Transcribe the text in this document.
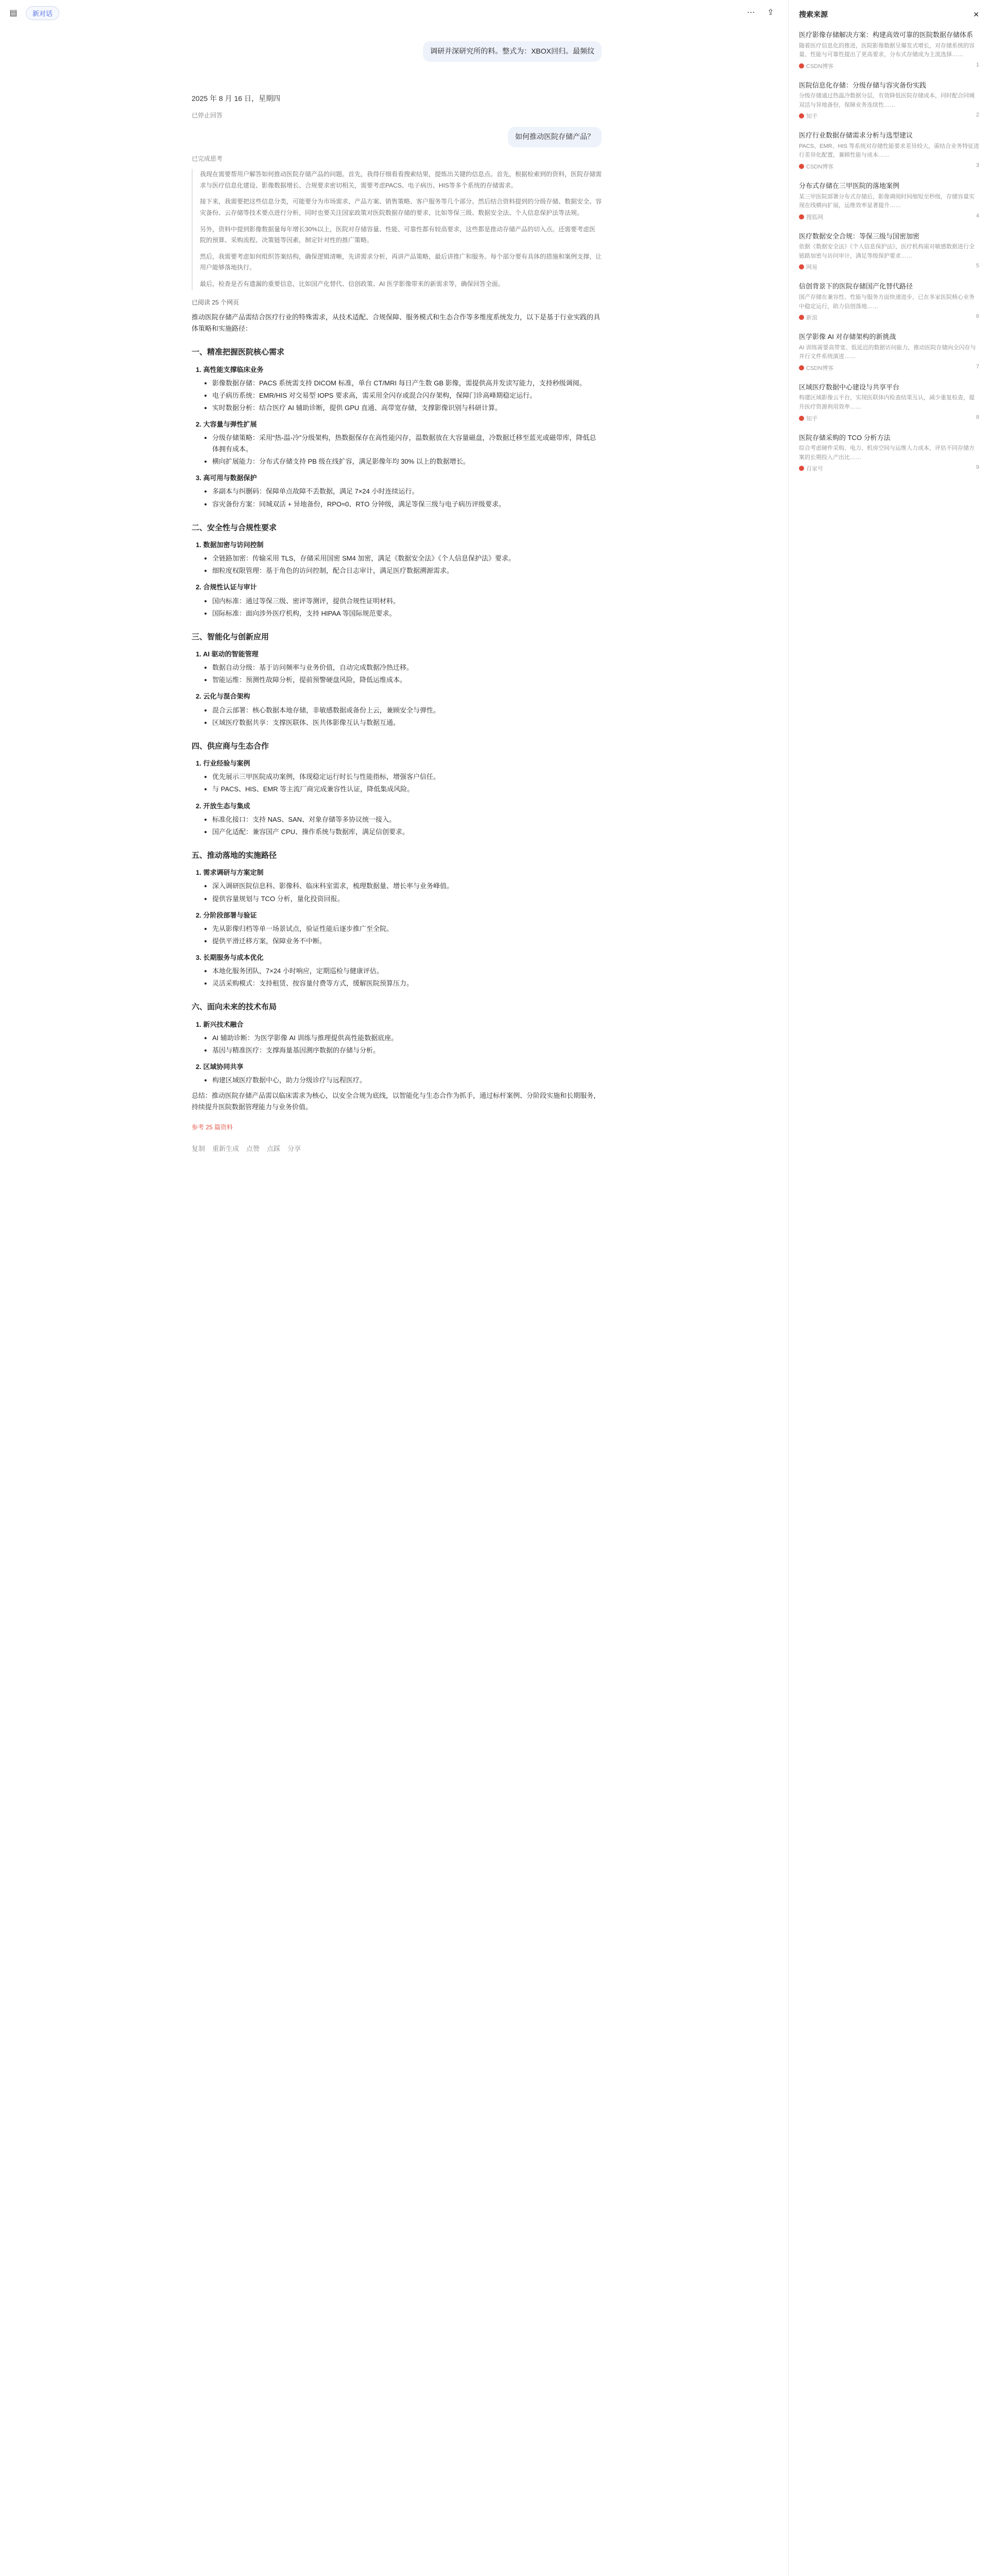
▤	新对话	⋯	⇪
调研并深研究所的料。整式为：XBOX回归。最频纹
2025 年 8 月 16 日，星期四
已停止回答
如何推动医院存储产品？
已完成思考

我现在需要帮用户解答如何推动医院存储产品的问题。首先，我得仔细看看搜索结果，提炼出关键的信息点。首先，根据检索到的资料，医院存储需求与医疗信息化建设、影像数据增长、合规要求密切相关，需要考虑PACS、电子病历、HIS等多个系统的存储需求。

接下来，我需要把这些信息分类，可能要分为市场需求、产品方案、销售策略、客户服务等几个部分。然后结合资料提到的分级存储、数据安全、容灾备份、云存储等技术要点进行分析，同时也要关注国家政策对医院数据存储的要求，比如等保三级、数据安全法、个人信息保护法等法规。

另外，资料中提到影像数据量每年增长30%以上，医院对存储容量、性能、可靠性都有较高要求，这些都是推动存储产品的切入点。还需要考虑医院的预算、采购流程、决策链等因素，制定针对性的推广策略。

然后，我需要考虑如何组织答案结构，确保逻辑清晰，先讲需求分析，再讲产品策略，最后讲推广和服务。每个部分要有具体的措施和案例支撑，让用户能够落地执行。

最后，检查是否有遗漏的重要信息，比如国产化替代、信创政策、AI 医学影像带来的新需求等，确保回答全面。

已阅读 25 个网页

推动医院存储产品需结合医疗行业的特殊需求，从技术适配、合规保障、服务模式和生态合作等多维度系统发力，以下是基于行业实践的具体策略和实施路径：

一、精准把握医院核心需求
1. 高性能支撑临床业务
• 影像数据存储：PACS 系统需支持 DICOM 标准，单台 CT/MRI 每日产生数 GB 影像，需提供高并发读写能力，支持秒级调阅。
• 电子病历系统：EMR/HIS 对交易型 IOPS 要求高，需采用全闪存或混合闪存架构，保障门诊高峰期稳定运行。
• 实时数据分析：结合医疗 AI 辅助诊断，提供 GPU 直通、高带宽存储，支撑影像识别与科研计算。
2. 大容量与弹性扩展
• 分级存储策略：采用“热-温-冷”分级架构，热数据保存在高性能闪存，温数据放在大容量磁盘，冷数据迁移至蓝光或磁带库，降低总体拥有成本。
• 横向扩展能力：分布式存储支持 PB 级在线扩容，满足影像年均 30% 以上的数据增长。
3. 高可用与数据保护
• 多副本与纠删码：保障单点故障不丢数据，满足 7×24 小时连续运行。
• 容灾备份方案：同城双活 + 异地备份，RPO≈0、RTO 分钟级，满足等保三级与电子病历评级要求。
二、安全性与合规性要求
1. 数据加密与访问控制
• 全链路加密：传输采用 TLS，存储采用国密 SM4 加密，满足《数据安全法》《个人信息保护法》要求。
• 细粒度权限管理：基于角色的访问控制，配合日志审计，满足医疗数据溯源需求。
2. 合规性认证与审计
• 国内标准：通过等保三级、密评等测评，提供合规性证明材料。
• 国际标准：面向涉外医疗机构，支持 HIPAA 等国际规范要求。
三、智能化与创新应用
1. AI 驱动的智能管理
• 数据自动分级：基于访问频率与业务价值，自动完成数据冷热迁移。
• 智能运维：预测性故障分析，提前预警硬盘风险，降低运维成本。
2. 云化与混合架构
• 混合云部署：核心数据本地存储，非敏感数据或备份上云，兼顾安全与弹性。
• 区域医疗数据共享：支撑医联体、医共体影像互认与数据互通。
四、供应商与生态合作
1. 行业经验与案例
• 优先展示三甲医院成功案例，体现稳定运行时长与性能指标，增强客户信任。
• 与 PACS、HIS、EMR 等主流厂商完成兼容性认证，降低集成风险。
2. 开放生态与集成
• 标准化接口：支持 NAS、SAN、对象存储等多协议统一接入。
• 国产化适配：兼容国产 CPU、操作系统与数据库，满足信创要求。
五、推动落地的实施路径
1. 需求调研与方案定制
• 深入调研医院信息科、影像科、临床科室需求，梳理数据量、增长率与业务峰值。
• 提供容量规划与 TCO 分析，量化投资回报。
2. 分阶段部署与验证
• 先从影像归档等单一场景试点，验证性能后逐步推广至全院。
• 提供平滑迁移方案，保障业务不中断。
3. 长期服务与成本优化
• 本地化服务团队，7×24 小时响应，定期巡检与健康评估。
• 灵活采购模式：支持租赁、按容量付费等方式，缓解医院预算压力。
六、面向未来的技术布局
1. 新兴技术融合
• AI 辅助诊断：为医学影像 AI 训练与推理提供高性能数据底座。
• 基因与精准医疗：支撑海量基因测序数据的存储与分析。
2. 区域协同共享
• 构建区域医疗数据中心，助力分级诊疗与远程医疗。

总结：推动医院存储产品需以临床需求为核心，以安全合规为底线，以智能化与生态合作为抓手，通过标杆案例、分阶段实施和长期服务，持续提升医院数据管理能力与业务价值。

参考 25 篇资料
复制 重新生成 点赞 点踩 分享
搜索来源	✕
医疗影像存储解决方案：构建高效可靠的医院数据存储体系
随着医疗信息化的推进，医院影像数据呈爆发式增长，对存储系统的容量、性能与可靠性提出了更高要求，分布式存储成为主流选择……
CSDN博客	1
医院信息化存储：分级存储与容灾备份实践
分级存储通过热温冷数据分层，有效降低医院存储成本，同时配合同城双活与异地备份，保障业务连续性……
知乎	2
医疗行业数据存储需求分析与选型建议
PACS、EMR、HIS 等系统对存储性能要求差异较大，需结合业务特征进行差异化配置，兼顾性能与成本……
CSDN博客	3
分布式存储在三甲医院的落地案例
某三甲医院部署分布式存储后，影像调阅时间缩短至秒级，存储容量实现在线横向扩展，运维效率显著提升……
搜狐网	4
医疗数据安全合规：等保三级与国密加密
依据《数据安全法》《个人信息保护法》，医疗机构需对敏感数据进行全链路加密与访问审计，满足等级保护要求……
网易	5
信创背景下的医院存储国产化替代路径
国产存储在兼容性、性能与服务方面快速进步，已在多家医院核心业务中稳定运行，助力信创落地……
新浪	6
医学影像 AI 对存储架构的新挑战
AI 训练需要高带宽、低延迟的数据访问能力，推动医院存储向全闪存与并行文件系统演进……
CSDN博客	7
区域医疗数据中心建设与共享平台
构建区域影像云平台，实现医联体内检查结果互认，减少重复检查，提升医疗资源利用效率……
知乎	8
医院存储采购的 TCO 分析方法
综合考虑硬件采购、电力、机房空间与运维人力成本，评估不同存储方案的长期投入产出比……
百家号	9
